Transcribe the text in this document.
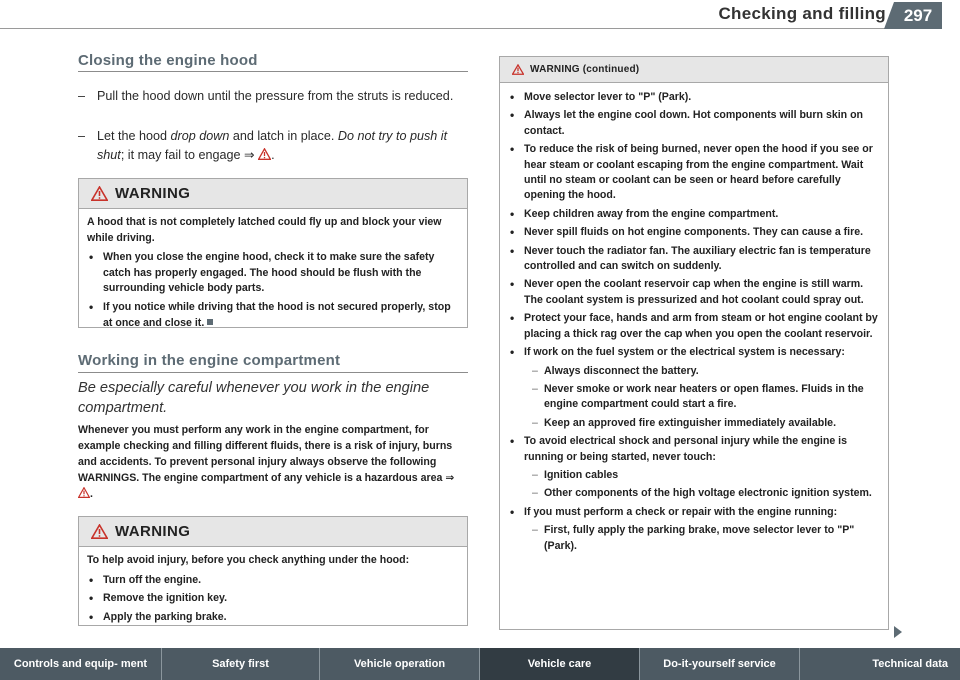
Checking and filling	297
Closing the engine hood
– Pull the hood down until the pressure from the struts is reduced.
– Let the hood drop down and latch in place. Do not try to push it shut; it may fail to engage ⇒ .
WARNING

A hood that is not completely latched could fly up and block your view while driving.

• When you close the engine hood, check it to make sure the safety catch has properly engaged. The hood should be flush with the surrounding vehicle body parts.
• If you notice while driving that the hood is not secured properly, stop at once and close it.
Working in the engine compartment
Be especially careful whenever you work in the engine compartment.
Whenever you must perform any work in the engine compartment, for example checking and filling different fluids, there is a risk of injury, burns and accidents. To prevent personal injury always observe the following WARNINGS. The engine compartment of any vehicle is a hazardous area ⇒ .
WARNING

To help avoid injury, before you check anything under the hood:

• Turn off the engine.
• Remove the ignition key.
• Apply the parking brake.
WARNING (continued)
• Move selector lever to "P" (Park).
• Always let the engine cool down. Hot components will burn skin on contact.
• To reduce the risk of being burned, never open the hood if you see or hear steam or coolant escaping from the engine compartment. Wait until no steam or coolant can be seen or heard before carefully opening the hood.
• Keep children away from the engine compartment.
• Never spill fluids on hot engine components. They can cause a fire.
• Never touch the radiator fan. The auxiliary electric fan is temperature controlled and can switch on suddenly.
• Never open the coolant reservoir cap when the engine is still warm. The coolant system is pressurized and hot coolant could spray out.
• Protect your face, hands and arm from steam or hot engine coolant by placing a thick rag over the cap when you open the coolant reservoir.
• If work on the fuel system or the electrical system is necessary:
– Always disconnect the battery.
– Never smoke or work near heaters or open flames. Fluids in the engine compartment could start a fire.
– Keep an approved fire extinguisher immediately available.
• To avoid electrical shock and personal injury while the engine is running or being started, never touch:
– Ignition cables
– Other components of the high voltage electronic ignition system.
• If you must perform a check or repair with the engine running:
– First, fully apply the parking brake, move selector lever to "P" (Park).
Controls and equip- ment	Safety first	Vehicle operation	Vehicle care	Do-it-yourself service	Technical data
